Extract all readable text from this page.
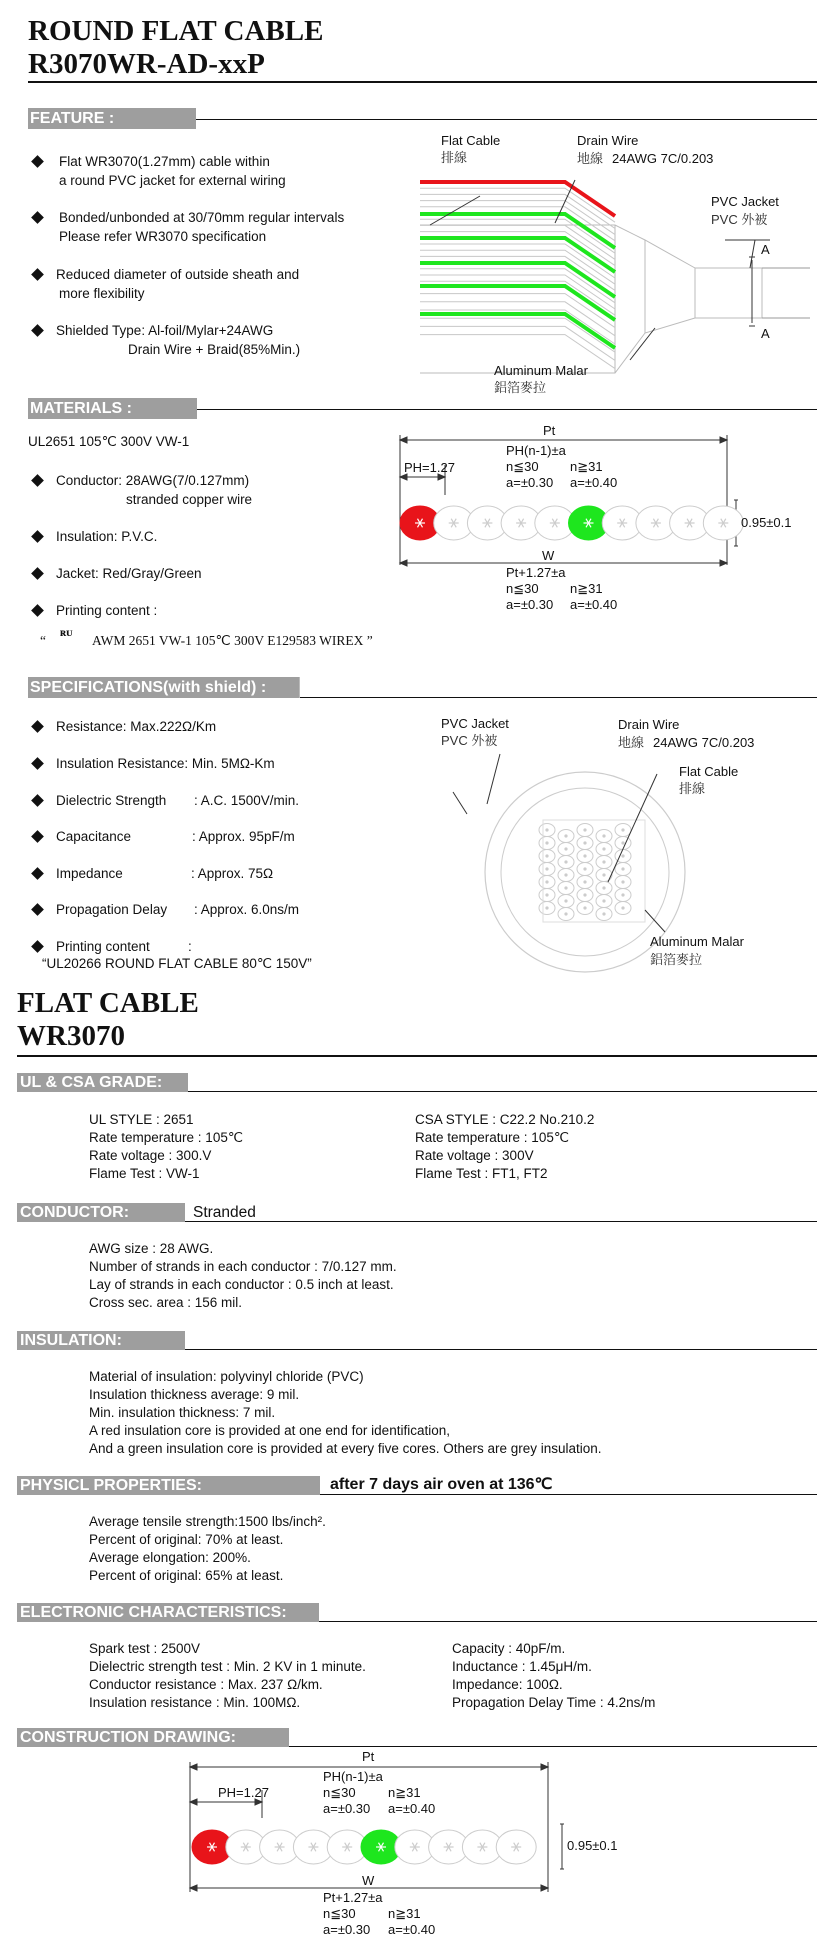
ROUND FLAT CABLE
R3070WR-AD-xxP
FEATURE :
Flat WR3070(1.27mm) cable within
a round PVC jacket for external wiring
Bonded/unbonded at 30/70mm regular intervals
Please refer WR3070 specification
Reduced diameter of outside sheath and
more flexibility
Shielded Type: Al-foil/Mylar+24AWG
Drain Wire + Braid(85%Min.)
Flat Cable
排線
Drain Wire
地線 24AWG 7C/0.203
PVC Jacket
PVC 外被
A
A
Aluminum Malar
鋁箔麥拉
MATERIALS :
UL2651 105℃ 300V VW-1
Conductor: 28AWG(7/0.127mm)
stranded copper wire
Insulation: P.V.C.
Jacket: Red/Gray/Green
Printing content :
“ ᴿᵁ AWM 2651 VW-1 105℃ 300V E129583 WIREX ”
Pt
PH=1.27
PH(n-1)±a
n≦30 n≧31
a=±0.30 a=±0.40
0.95±0.1
W
Pt+1.27±a
n≦30 n≧31
a=±0.30 a=±0.40
SPECIFICATIONS(with shield) :
Resistance: Max.222Ω/Km
Insulation Resistance: Min. 5MΩ-Km
Dielectric Strength : A.C. 1500V/min.
Capacitance	: Approx. 95pF/m
Impedance	: Approx. 75Ω
Propagation Delay : Approx. 6.0ns/m
Printing content	:
“UL20266 ROUND FLAT CABLE 80℃ 150V”
PVC Jacket
PVC 外被
Drain Wire
地線 24AWG 7C/0.203
Flat Cable
排線
Aluminum Malar
鋁箔麥拉
FLAT CABLE
WR3070
UL & CSA GRADE:
UL STYLE : 2651
Rate temperature : 105℃
Rate voltage : 300.V
Flame Test : VW-1
CSA STYLE : C22.2 No.210.2
Rate temperature : 105℃
Rate voltage : 300V
Flame Test : FT1, FT2
CONDUCTOR:	Stranded
AWG size : 28 AWG.
Number of strands in each conductor : 7/0.127 mm.
Lay of strands in each conductor : 0.5 inch at least.
Cross sec. area : 156 mil.
INSULATION:
Material of insulation: polyvinyl chloride (PVC)
Insulation thickness average: 9 mil.
Min. insulation thickness: 7 mil.
A red insulation core is provided at one end for identification,
And a green insulation core is provided at every five cores. Others are grey insulation.
PHYSICL PROPERTIES:	after 7 days air oven at 136℃
Average tensile strength:1500 lbs/inch².
Percent of original: 70% at least.
Average elongation: 200%.
Percent of original: 65% at least.
ELECTRONIC CHARACTERISTICS:
Spark test : 2500V
Dielectric strength test : Min. 2 KV in 1 minute.
Conductor resistance : Max. 237 Ω/km.
Insulation resistance : Min. 100MΩ.
Capacity : 40pF/m.
Inductance : 1.45μH/m.
Impedance: 100Ω.
Propagation Delay Time : 4.2ns/m
CONSTRUCTION DRAWING:
Pt
PH=1.27
PH(n-1)±a
n≦30 n≧31
a=±0.30 a=±0.40
0.95±0.1
W
Pt+1.27±a
n≦30 n≧31
a=±0.30 a=±0.40
